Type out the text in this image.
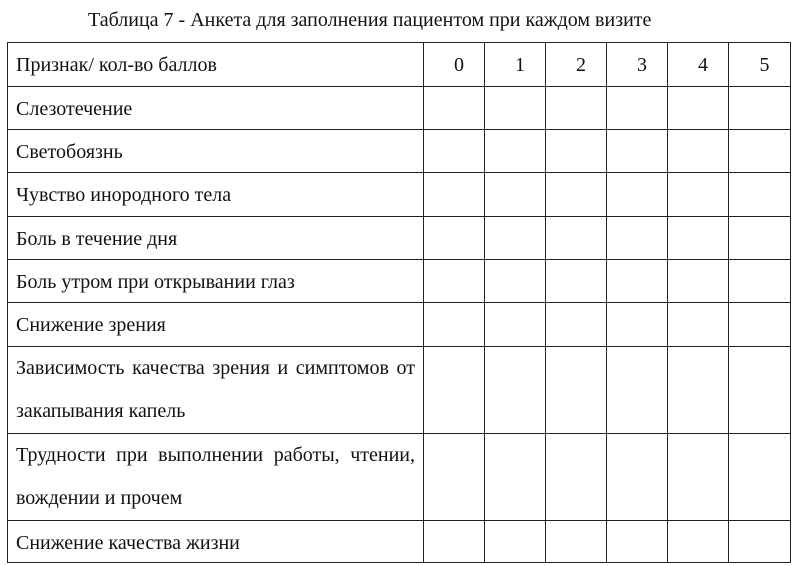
Таблица 7 - Анкета для заполнения пациентом при каждом визите
Признак/ кол-во баллов	0	1	2	3	4	5

Слезотечение						

Светобоязнь						

Чувство инородного тела						

Боль в течение дня						

Боль утром при открывании глаз						

Снижение зрения						

Зависимость качества зрения и симптомов от закапывания капель						

Трудности при выполнении работы, чтении, вождении и прочем						

Снижение качества жизни						
